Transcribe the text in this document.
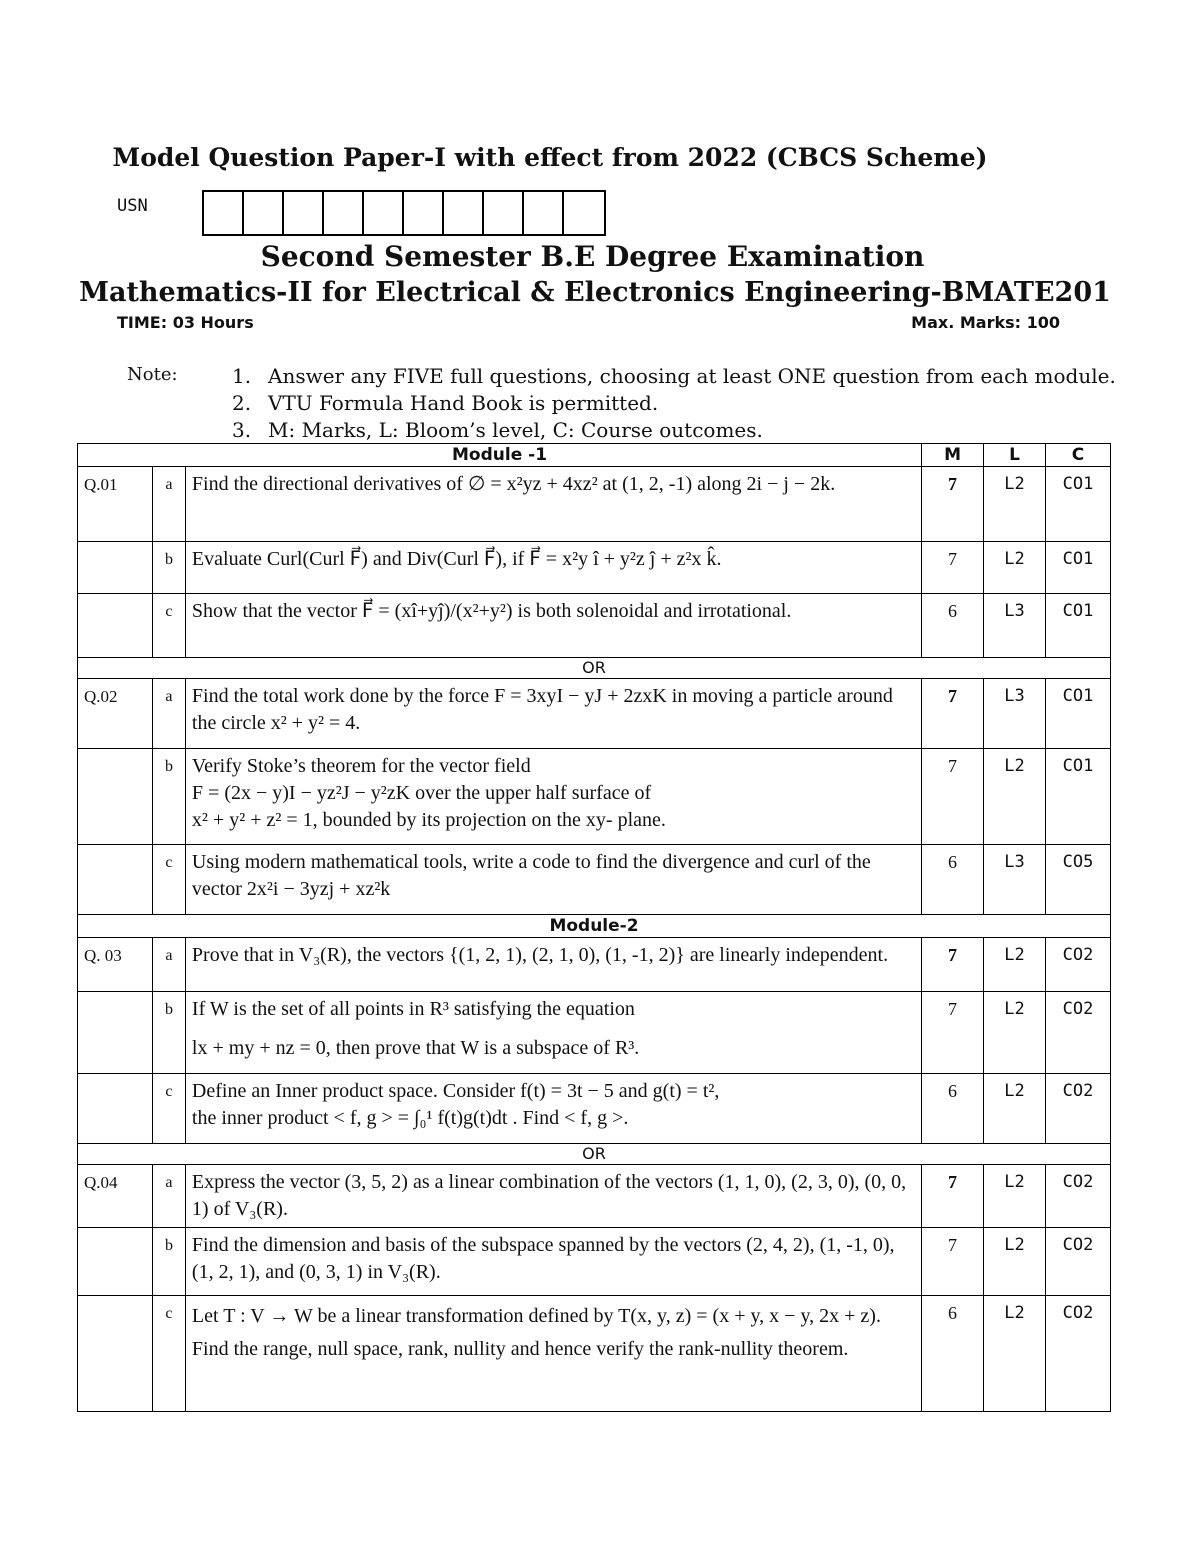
Model Question Paper-I with effect from 2022 (CBCS Scheme)
USN
Second Semester B.E Degree Examination
Mathematics-II for Electrical & Electronics Engineering-BMATE201
TIME: 03 Hours	Max. Marks: 100
Note:	1. Answer any FIVE full questions, choosing at least ONE question from each module.
2. VTU Formula Hand Book is permitted.
3. M: Marks, L: Bloom’s level, C: Course outcomes.
Module -1			M	L	C
Q.01	a	Find the directional derivatives of ∅ = x²yz + 4xz² at (1, 2, -1) along 2i − j − 2k.	7	L2	CO1
	b	Evaluate Curl(Curl F⃗) and Div(Curl F⃗), if F⃗ = x²y î + y²z ĵ + z²x k̂.	7	L2	CO1
	c	Show that the vector F⃗ = (xî+yĵ)/(x²+y²) is both solenoidal and irrotational.	6	L3	CO1
OR					
Q.02	a	Find the total work done by the force F = 3xyI − yJ + 2zxK in moving a particle around the circle x² + y² = 4.	7	L3	CO1
	b	Verify Stoke’s theorem for the vector field
F = (2x − y)I − yz²J − y²zK over the upper half surface of
x² + y² + z² = 1, bounded by its projection on the xy- plane.	7	L2	CO1
	c	Using modern mathematical tools, write a code to find the divergence and curl of the vector 2x²i − 3yzj + xz²k	6	L3	CO5
Module-2					
Q. 03	a	Prove that in V₃(R), the vectors {(1, 2, 1), (2, 1, 0), (1, -1, 2)} are linearly independent.	7	L2	CO2
	b	If W is the set of all points in R³ satisfying the equation
lx + my + nz = 0, then prove that W is a subspace of R³.	7	L2	CO2
	c	Define an Inner product space. Consider f(t) = 3t − 5 and g(t) = t²,
the inner product < f, g > = ∫₀¹ f(t)g(t)dt . Find < f, g >.	6	L2	CO2
OR					
Q.04	a	Express the vector (3, 5, 2) as a linear combination of the vectors (1, 1, 0), (2, 3, 0), (0, 0, 1) of V₃(R).	7	L2	CO2
	b	Find the dimension and basis of the subspace spanned by the vectors (2, 4, 2), (1, -1, 0), (1, 2, 1), and (0, 3, 1) in V₃(R).	7	L2	CO2
	c	Let T : V → W be a linear transformation defined by T(x, y, z) = (x + y, x − y, 2x + z). Find the range, null space, rank, nullity and hence verify the rank-nullity theorem.	6	L2	CO2
